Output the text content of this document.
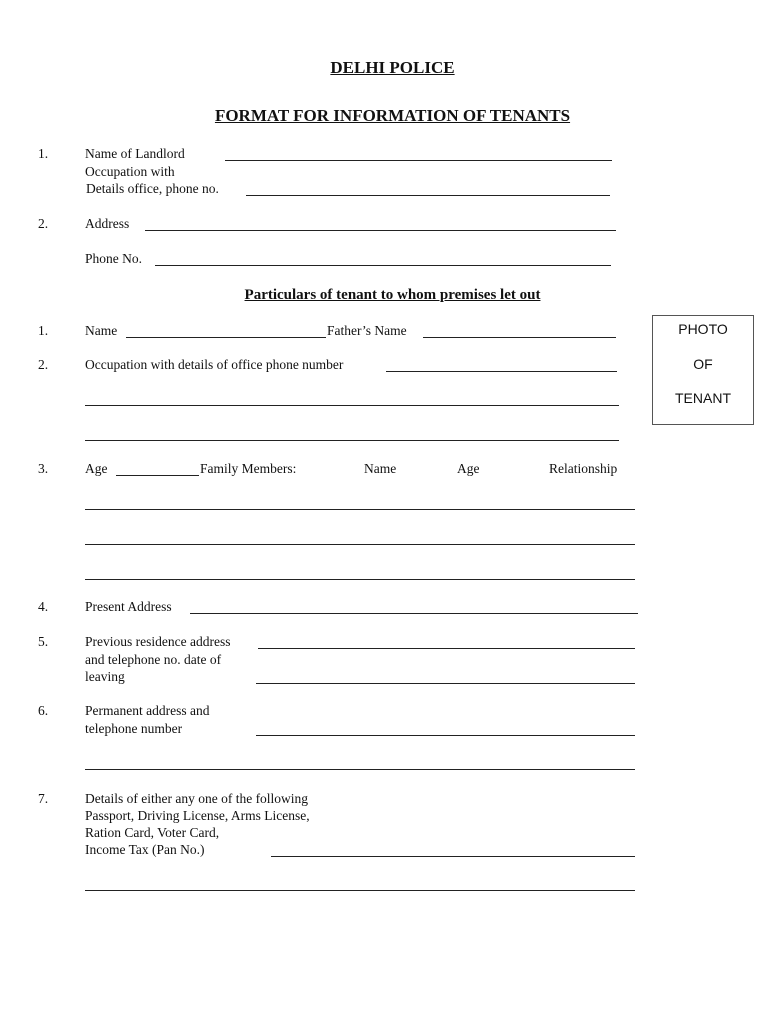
DELHI POLICE
FORMAT FOR INFORMATION OF TENANTS
1.	Name of Landlord
Occupation with
Details office, phone no.
2.	Address
Phone No.
Particulars of tenant to whom premises let out
1.	Name	Father’s Name
2.	Occupation with details of office phone number
PHOTO
OF
TENANT
3.	Age	Family Members:	Name	Age	Relationship
4.	Present Address
5.	Previous residence address
and telephone no. date of
leaving
6.	Permanent address and
telephone number
7.	Details of either any one of the following
Passport, Driving License, Arms License,
Ration Card, Voter Card,
Income Tax (Pan No.)
